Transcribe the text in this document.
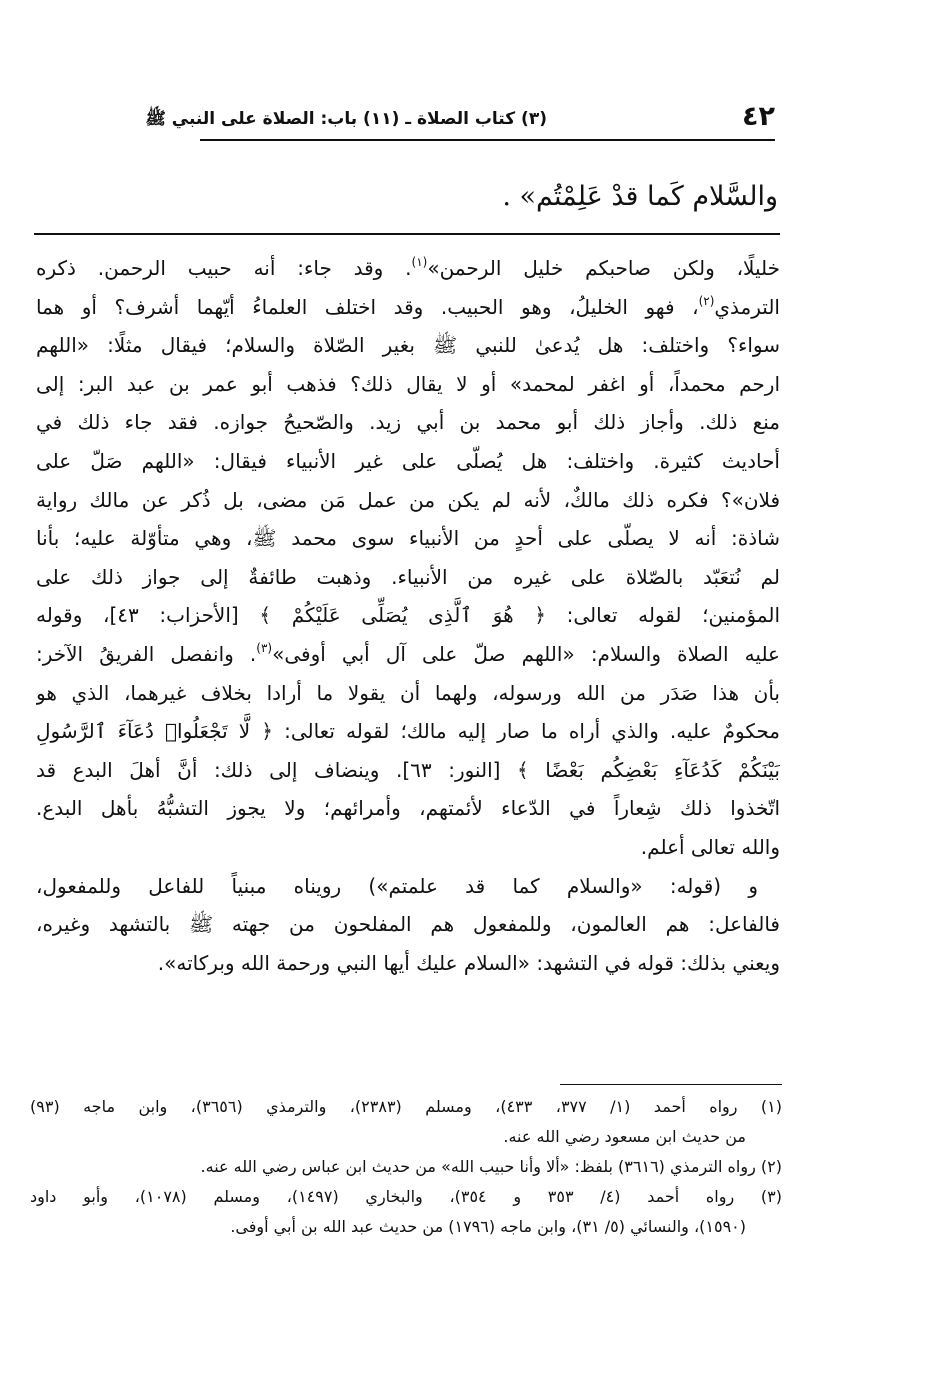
٤٢
(٣) كتاب الصلاة ـ (١١) باب: الصلاة على النبي ﷺ
والسَّلام كَما قدْ عَلِمْتُم» .
خليلًا، ولكن صاحبكم خليل الرحمن»$^{(١)}$. وقد جاء: أنه حبيب الرحمن. ذكره
الترمذي$^{(٢)}$، فهو الخليلُ، وهو الحبيب. وقد اختلف العلماءُ أيّهما أشرف؟ أو هما
سواء؟ واختلف: هل يُدعىٰ للنبي ﷺ بغير الصّلاة والسلام؛ فيقال مثلًا: «اللهم
ارحم محمداً، أو اغفر لمحمد» أو لا يقال ذلك؟ فذهب أبو عمر بن عبد البر: إلى
منع ذلك. وأجاز ذلك أبو محمد بن أبي زيد. والصّحيحُ جوازه. فقد جاء ذلك في
أحاديث كثيرة. واختلف: هل يُصلّى على غير الأنبياء فيقال: «اللهم صَلّ على
فلان»؟ فكره ذلك مالكٌ، لأنه لم يكن من عمل مَن مضى، بل ذُكر عن مالك رواية
شاذة: أنه لا يصلّى على أحدٍ من الأنبياء سوى محمد ﷺ، وهي متأوّلة عليه؛ بأنا
لم نُتعَبّد بالصّلاة على غيره من الأنبياء. وذهبت طائفةٌ إلى جواز ذلك على
المؤمنين؛ لقوله تعالى: ﴿ هُوَ ٱلَّذِى يُصَلِّى عَلَيْكُمْ ﴾ [الأحزاب: ٤٣]، وقوله
عليه الصلاة والسلام: «اللهم صلّ على آل أبي أوفى»$^{(٣)}$. وانفصل الفريقُ الآخر:
بأن هذا صَدَر من الله ورسوله، ولهما أن يقولا ما أرادا بخلاف غيرهما، الذي هو
محكومٌ عليه. والذي أراه ما صار إليه مالك؛ لقوله تعالى: ﴿ لَّا تَجْعَلُوا۟ دُعَآءَ ٱلرَّسُولِ
بَيْنَكُمْ كَدُعَآءِ بَعْضِكُم بَعْضًا ﴾ [النور: ٦٣]. وينضاف إلى ذلك: أنَّ أهلَ البدع قد
اتّخذوا ذلك شِعاراً في الدّعاء لأئمتهم، وأمرائهم؛ ولا يجوز التشبُّهُ بأهل البدع.
والله تعالى أعلم.
و (قوله: «والسلام كما قد علمتم») رويناه مبنياً للفاعل وللمفعول،
فالفاعل: هم العالمون، وللمفعول هم المفلحون من جهته ﷺ بالتشهد وغيره،
ويعني بذلك: قوله في التشهد: «السلام عليك أيها النبي ورحمة الله وبركاته».
(١) رواه أحمد (١/ ٣٧٧، ٤٣٣)، ومسلم (٢٣٨٣)، والترمذي (٣٦٥٦)، وابن ماجه (٩٣)
من حديث ابن مسعود رضي الله عنه.
(٢) رواه الترمذي (٣٦١٦) بلفظ: «ألا وأنا حبيب الله» من حديث ابن عباس رضي الله عنه.
(٣) رواه أحمد (٤/ ٣٥٣ و ٣٥٤)، والبخاري (١٤٩٧)، ومسلم (١٠٧٨)، وأبو داود
(١٥٩٠)، والنسائي (٥/ ٣١)، وابن ماجه (١٧٩٦) من حديث عبد الله بن أبي أوفى.
